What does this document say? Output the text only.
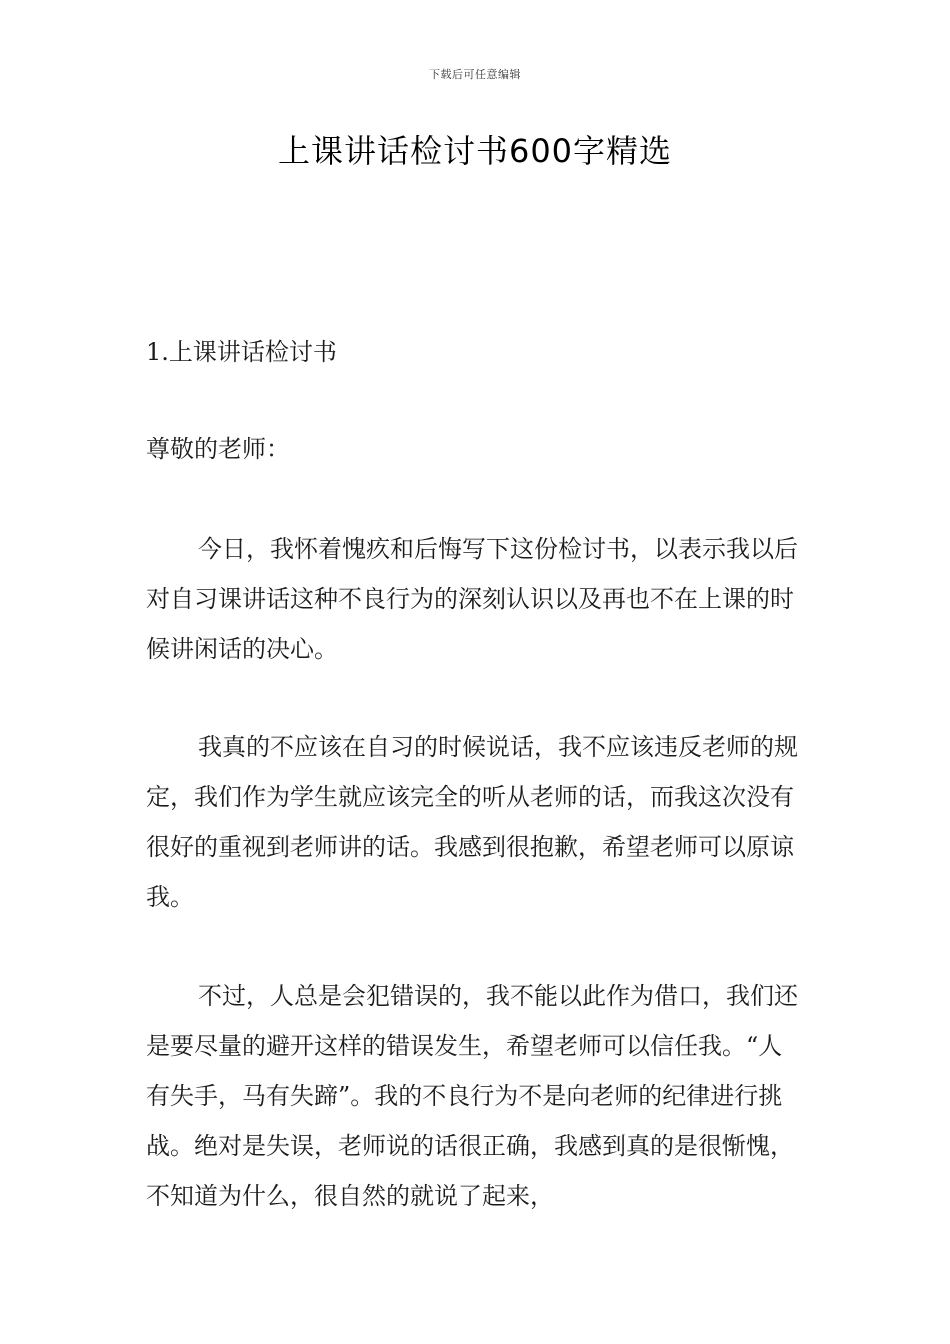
下载后可任意编辑
上课讲话检讨书600字精选

1.上课讲话检讨书

尊敬的老师：

今日，我怀着愧疚和后悔写下这份检讨书，以表示我以后对自习课讲话这种不良行为的深刻认识以及再也不在上课的时候讲闲话的决心。

我真的不应该在自习的时候说话，我不应该违反老师的规定，我们作为学生就应该完全的听从老师的话，而我这次没有很好的重视到老师讲的话。我感到很抱歉，希望老师可以原谅我。

不过，人总是会犯错误的，我不能以此作为借口，我们还是要尽量的避开这样的错误发生，希望老师可以信任我。“人有失手，马有失蹄”。我的不良行为不是向老师的纪律进行挑战。绝对是失误，老师说的话很正确，我感到真的是很惭愧，不知道为什么，很自然的就说了起来，
